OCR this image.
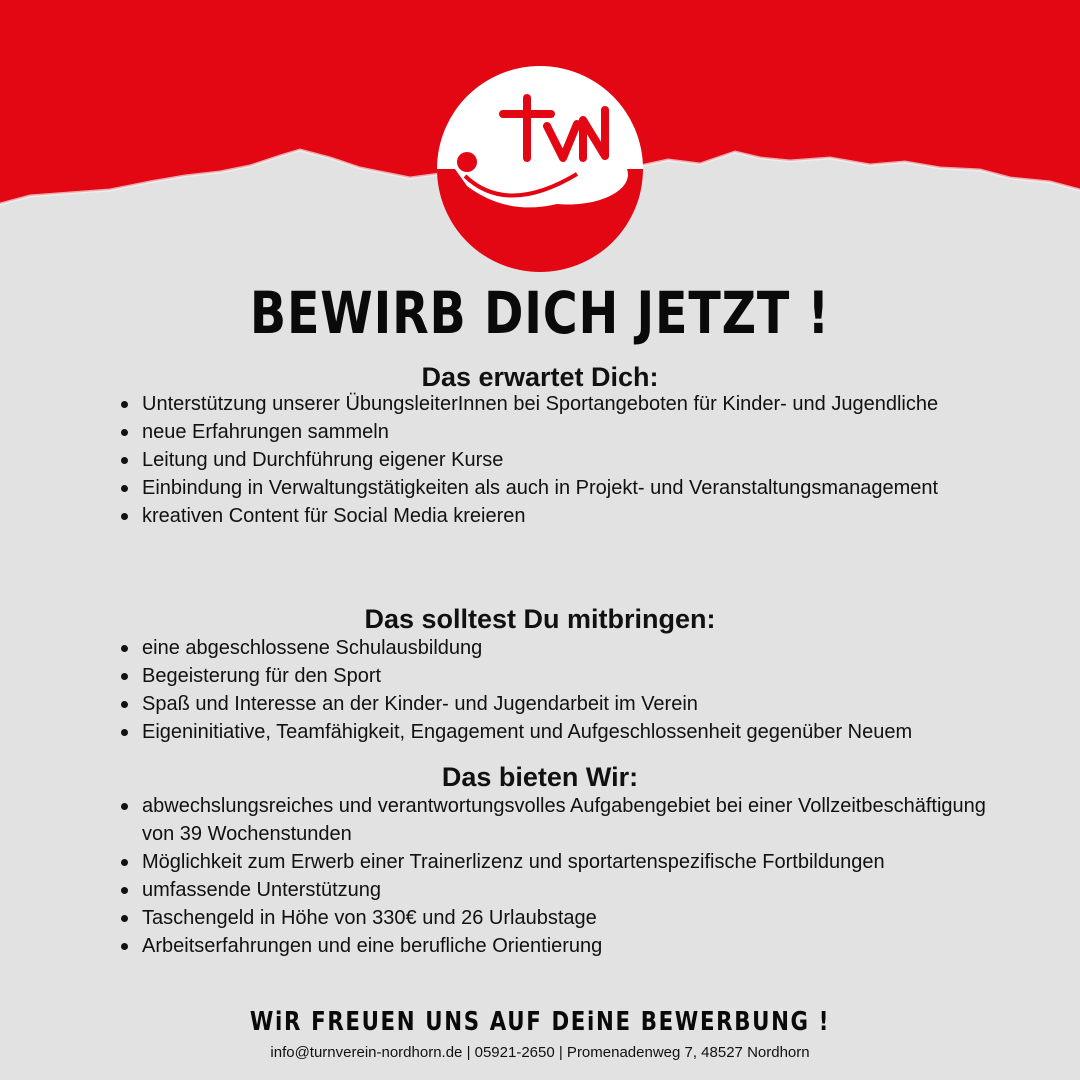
BEWIRB DICH JETZT !
Das erwartet Dich:
Unterstützung unserer ÜbungsleiterInnen bei Sportangeboten für Kinder- und Jugendliche
neue Erfahrungen sammeln
Leitung und Durchführung eigener Kurse
Einbindung in Verwaltungstätigkeiten als auch in Projekt- und Veranstaltungsmanagement
kreativen Content für Social Media kreieren
Das solltest Du mitbringen:
eine abgeschlossene Schulausbildung
Begeisterung für den Sport
Spaß und Interesse an der Kinder- und Jugendarbeit im Verein
Eigeninitiative, Teamfähigkeit, Engagement und Aufgeschlossenheit gegenüber Neuem
Das bieten Wir:
abwechslungsreiches und verantwortungsvolles Aufgabengebiet bei einer Vollzeitbeschäftigung von 39 Wochenstunden
Möglichkeit zum Erwerb einer Trainerlizenz und sportartenspezifische Fortbildungen
umfassende Unterstützung
Taschengeld in Höhe von 330€ und 26 Urlaubstage
Arbeitserfahrungen und eine berufliche Orientierung
WiR FREUEN UNS AUF DEiNE BEWERBUNG !
info@turnverein-nordhorn.de | 05921-2650 | Promenadenweg 7, 48527 Nordhorn
